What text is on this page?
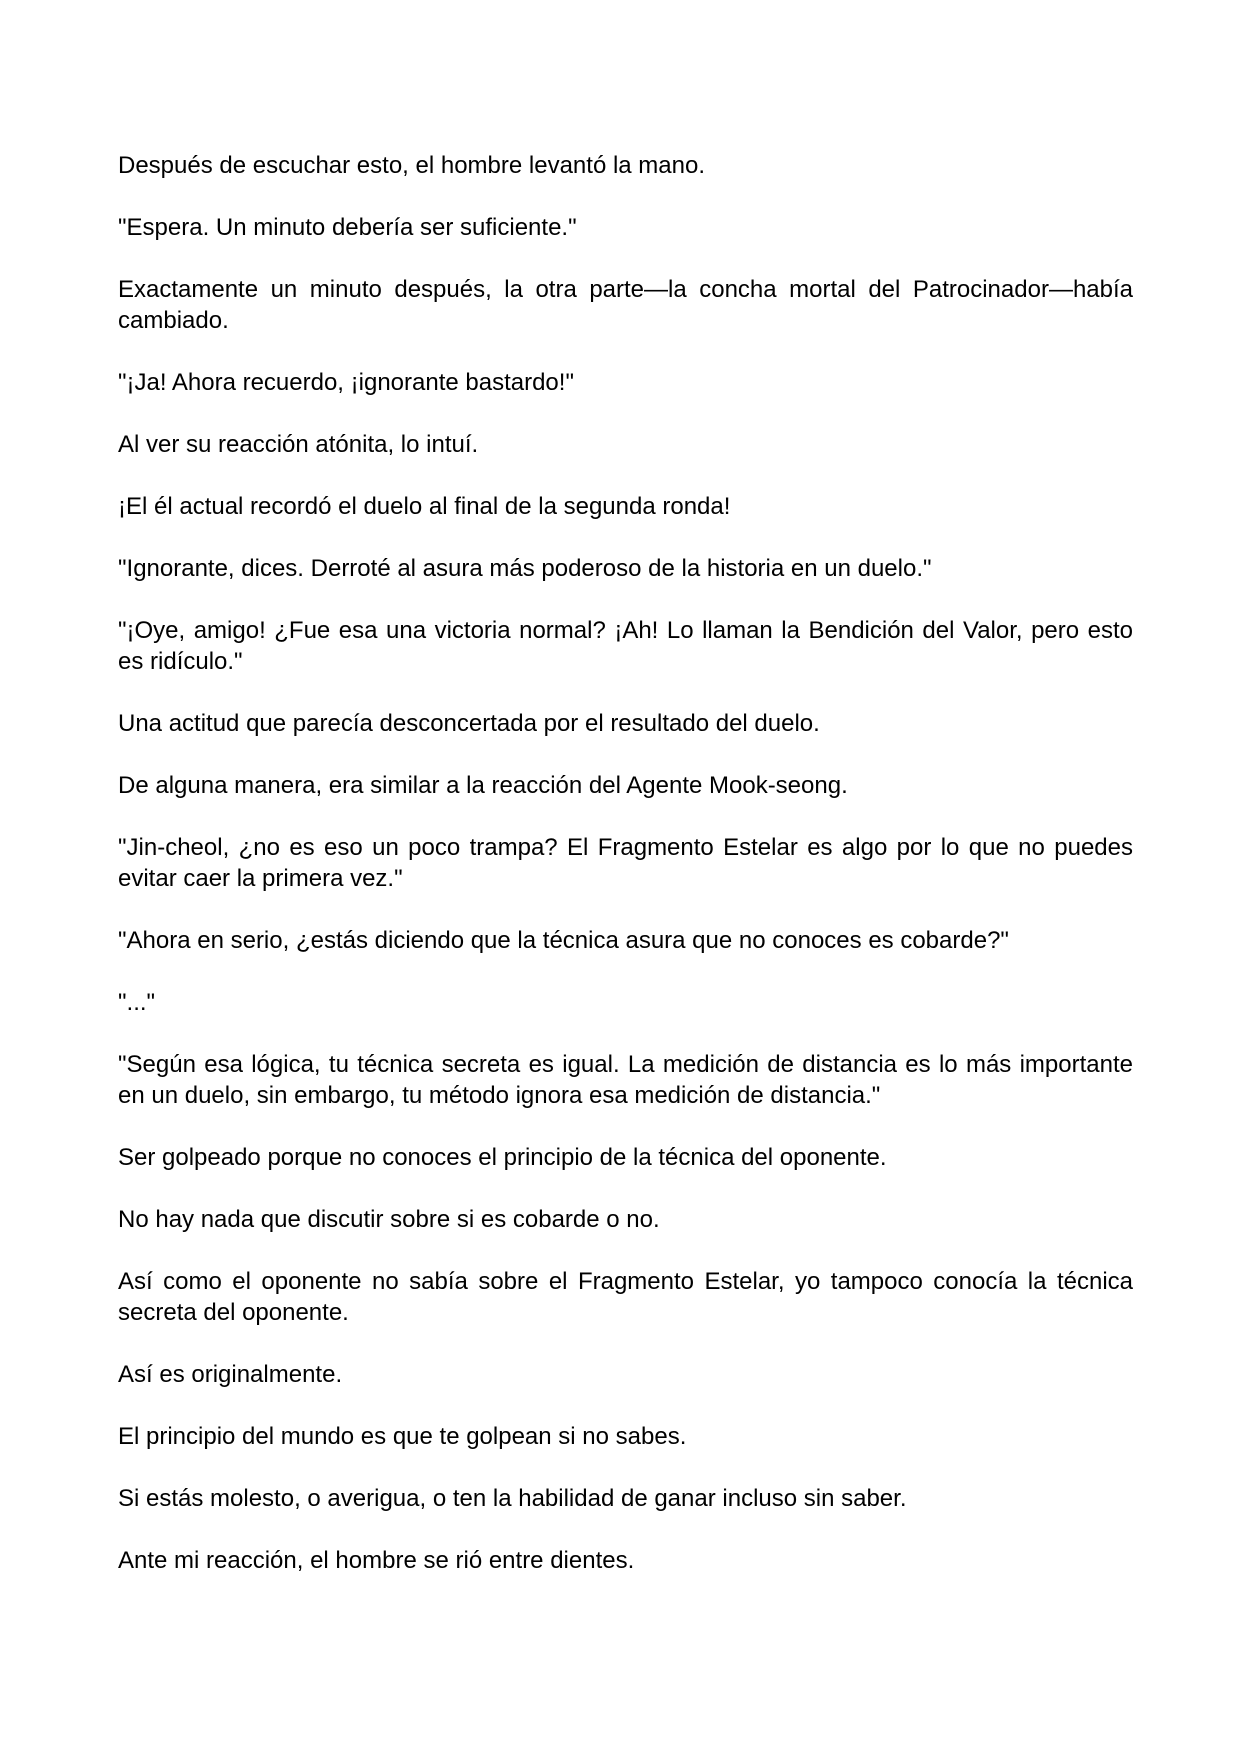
Después de escuchar esto, el hombre levantó la mano.

"Espera. Un minuto debería ser suficiente."

Exactamente un minuto después, la otra parte—la concha mortal del Patrocinador—había cambiado.

"¡Ja! Ahora recuerdo, ¡ignorante bastardo!"

Al ver su reacción atónita, lo intuí.

¡El él actual recordó el duelo al final de la segunda ronda!

"Ignorante, dices. Derroté al asura más poderoso de la historia en un duelo."

"¡Oye, amigo! ¿Fue esa una victoria normal? ¡Ah! Lo llaman la Bendición del Valor, pero esto es ridículo."

Una actitud que parecía desconcertada por el resultado del duelo.

De alguna manera, era similar a la reacción del Agente Mook-seong.

"Jin-cheol, ¿no es eso un poco trampa? El Fragmento Estelar es algo por lo que no puedes evitar caer la primera vez."

"Ahora en serio, ¿estás diciendo que la técnica asura que no conoces es cobarde?"

"..."

"Según esa lógica, tu técnica secreta es igual. La medición de distancia es lo más importante en un duelo, sin embargo, tu método ignora esa medición de distancia."

Ser golpeado porque no conoces el principio de la técnica del oponente.

No hay nada que discutir sobre si es cobarde o no.

Así como el oponente no sabía sobre el Fragmento Estelar, yo tampoco conocía la técnica secreta del oponente.

Así es originalmente.

El principio del mundo es que te golpean si no sabes.

Si estás molesto, o averigua, o ten la habilidad de ganar incluso sin saber.

Ante mi reacción, el hombre se rió entre dientes.
